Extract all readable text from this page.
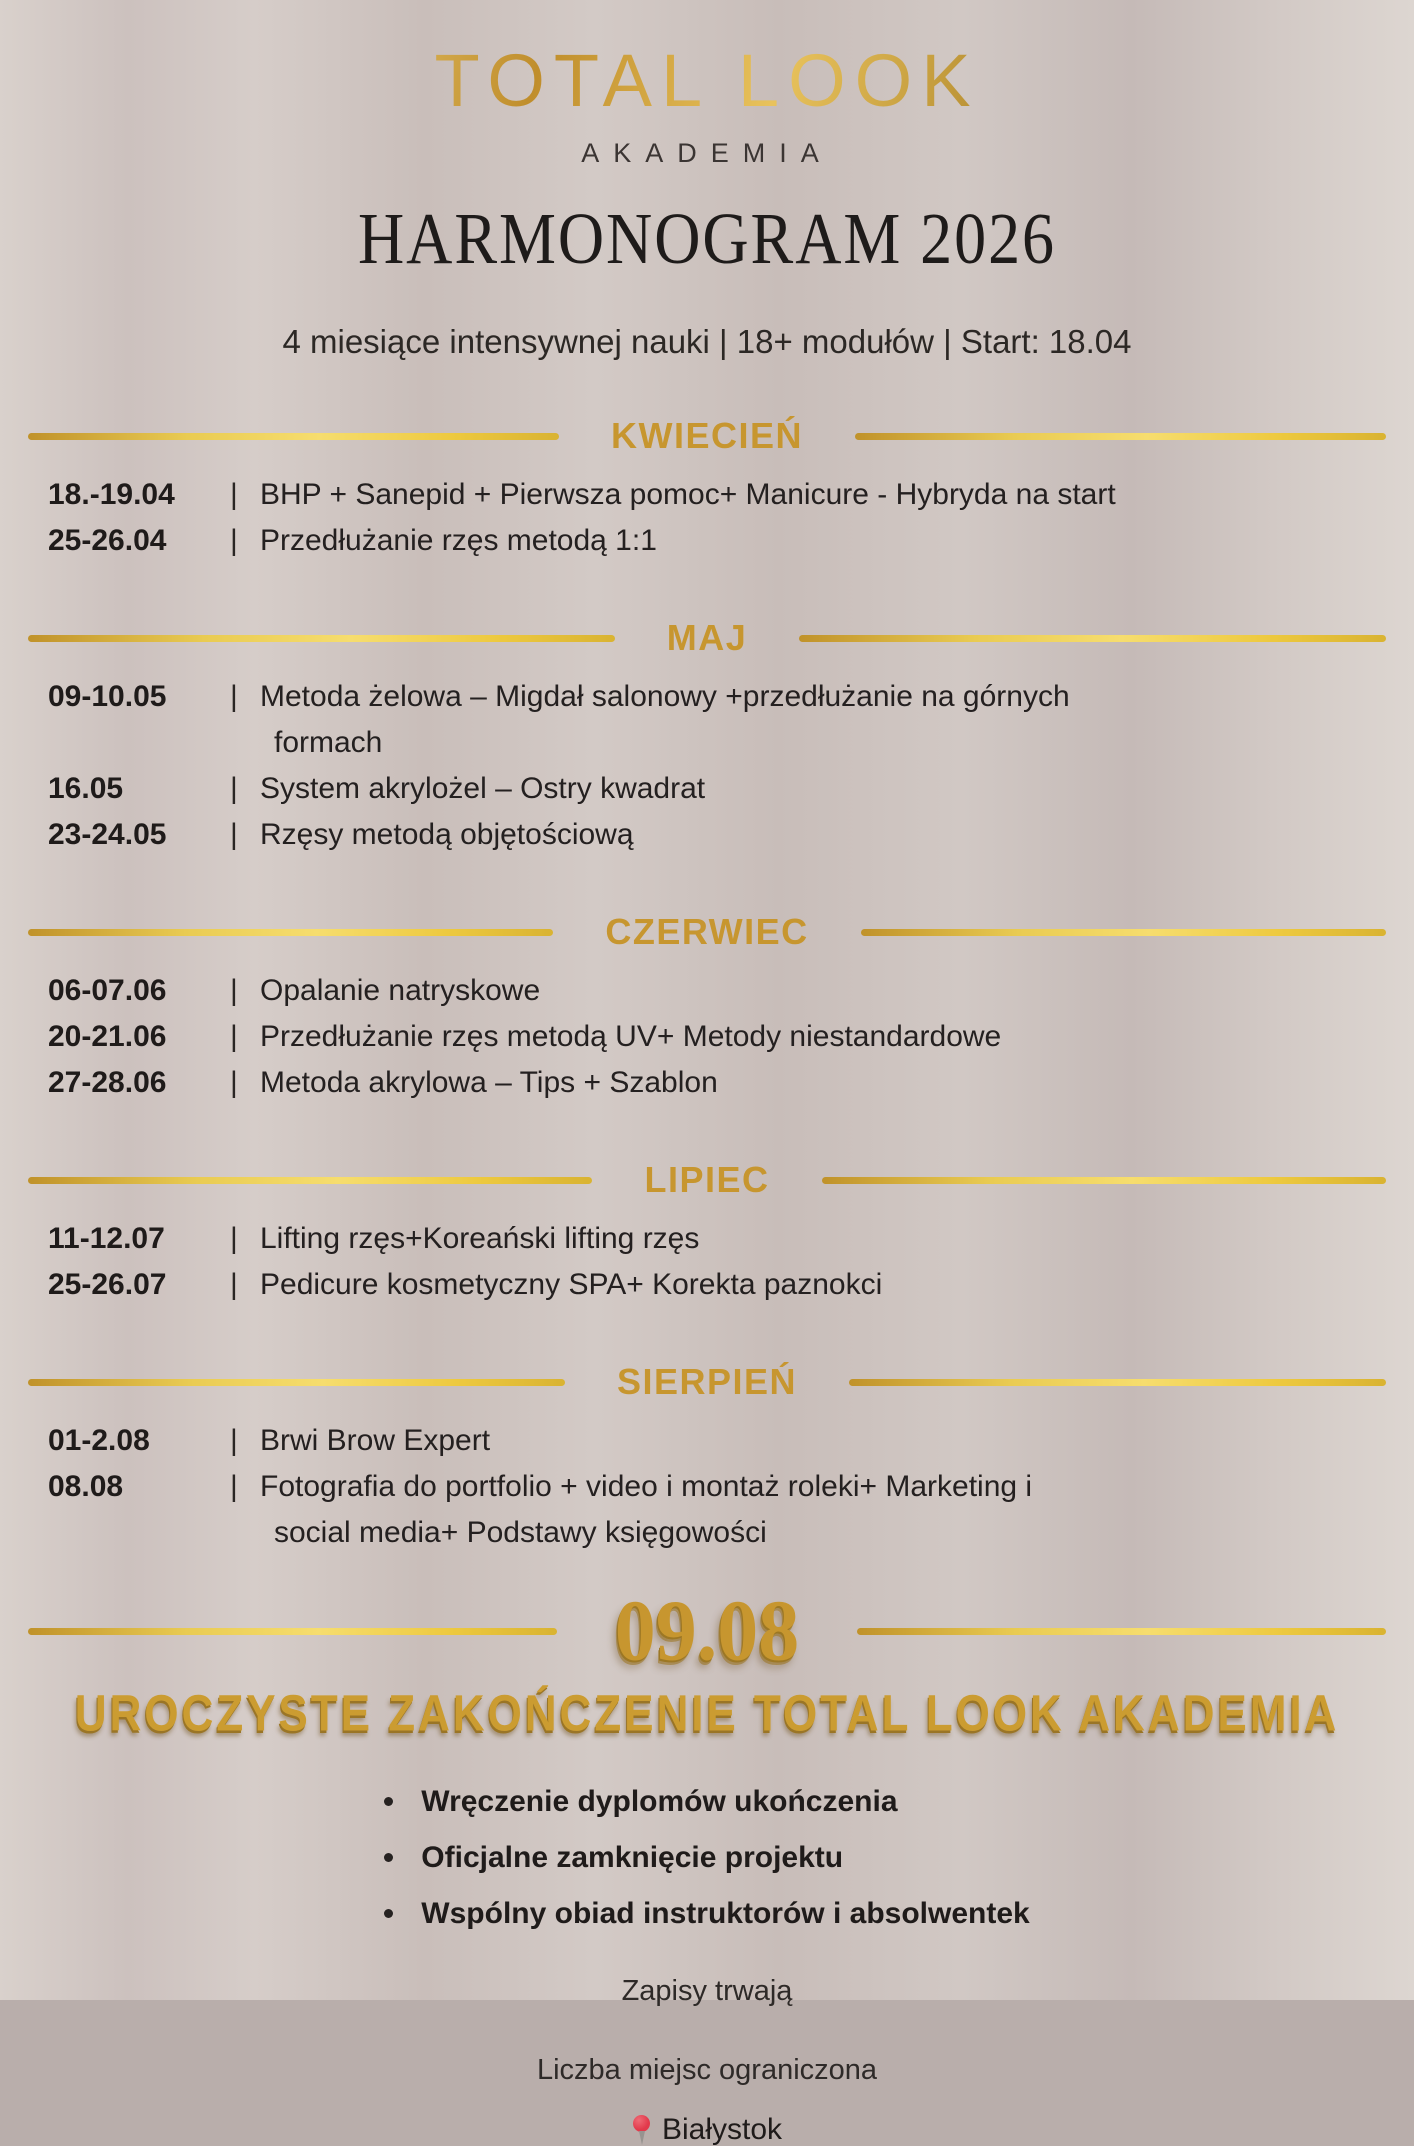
TOTAL LOOK
AKADEMIA
HARMONOGRAM 2026
4 miesiące intensywnej nauki | 18+ modułów | Start: 18.04
KWIECIEŃ
18.-19.04	| BHP + Sanepid + Pierwsza pomoc+ Manicure - Hybryda na start
25-26.04	| Przedłużanie rzęs metodą 1:1
MAJ
09-10.05	| Metoda żelowa – Migdał salonowy +przedłużanie na górnych
formach
16.05	| System akrylożel – Ostry kwadrat
23-24.05	| Rzęsy metodą objętościową
CZERWIEC
06-07.06	| Opalanie natryskowe
20-21.06	| Przedłużanie rzęs metodą UV+ Metody niestandardowe
27-28.06	| Metoda akrylowa – Tips + Szablon
LIPIEC
11-12.07	| Lifting rzęs+Koreański lifting rzęs
25-26.07	| Pedicure kosmetyczny SPA+ Korekta paznokci
SIERPIEŃ
01-2.08	| Brwi Brow Expert
08.08	| Fotografia do portfolio + video i montaż roleki+ Marketing i
social media+ Podstawy księgowości
09.08
UROCZYSTE ZAKOŃCZENIE TOTAL LOOK AKADEMIA
Wręczenie dyplomów ukończenia
Oficjalne zamknięcie projektu
Wspólny obiad instruktorów i absolwentek
Zapisy trwają
Liczba miejsc ograniczona
Białystok
